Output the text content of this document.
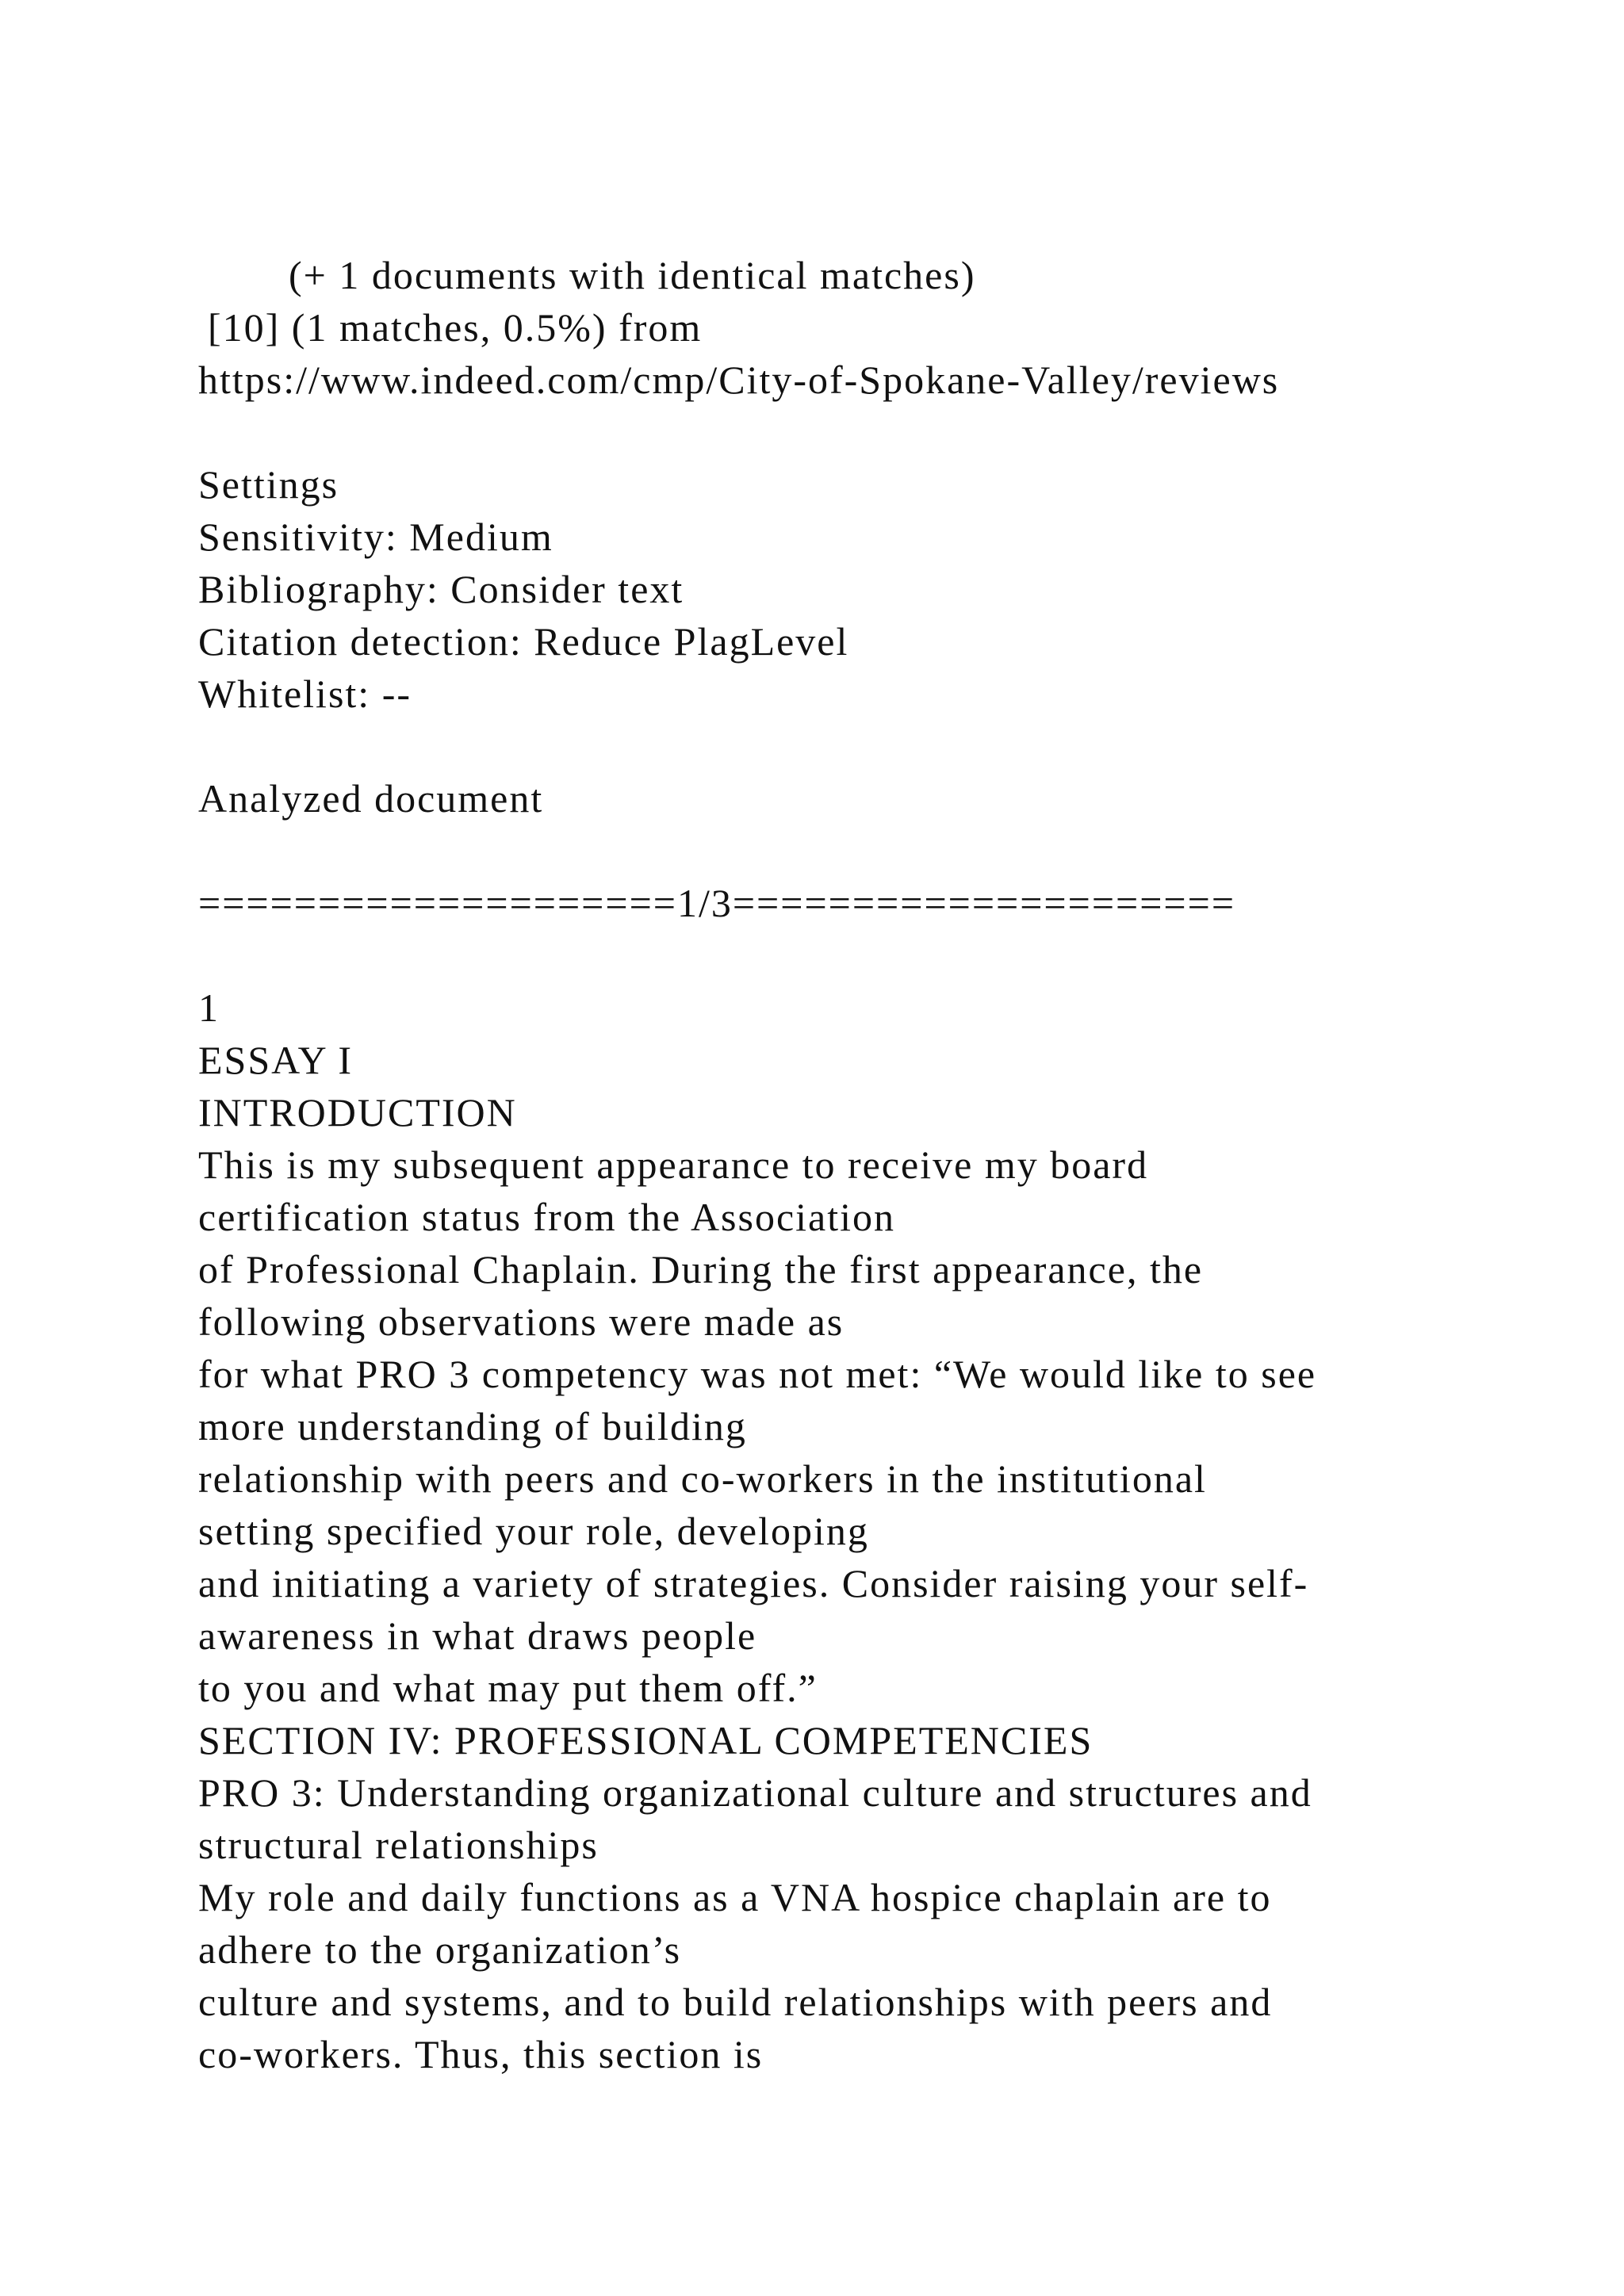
(+ 1 documents with identical matches)
[10] (1 matches, 0.5%) from
https://www.indeed.com/cmp/City-of-Spokane-Valley/reviews
Settings
Sensitivity: Medium
Bibliography: Consider text
Citation detection: Reduce PlagLevel
Whitelist: --
Analyzed document
====================1/3=====================
1
ESSAY I
INTRODUCTION
This is my subsequent appearance to receive my board
certification status from the Association
of Professional Chaplain. During the first appearance, the
following observations were made as
for what PRO 3 competency was not met: “We would like to see
more understanding of building
relationship with peers and co-workers in the institutional
setting specified your role, developing
and initiating a variety of strategies. Consider raising your self-
awareness in what draws people
to you and what may put them off.”
SECTION IV: PROFESSIONAL COMPETENCIES
PRO 3: Understanding organizational culture and structures and
structural relationships
My role and daily functions as a VNA hospice chaplain are to
adhere to the organization’s
culture and systems, and to build relationships with peers and
co-workers. Thus, this section is
